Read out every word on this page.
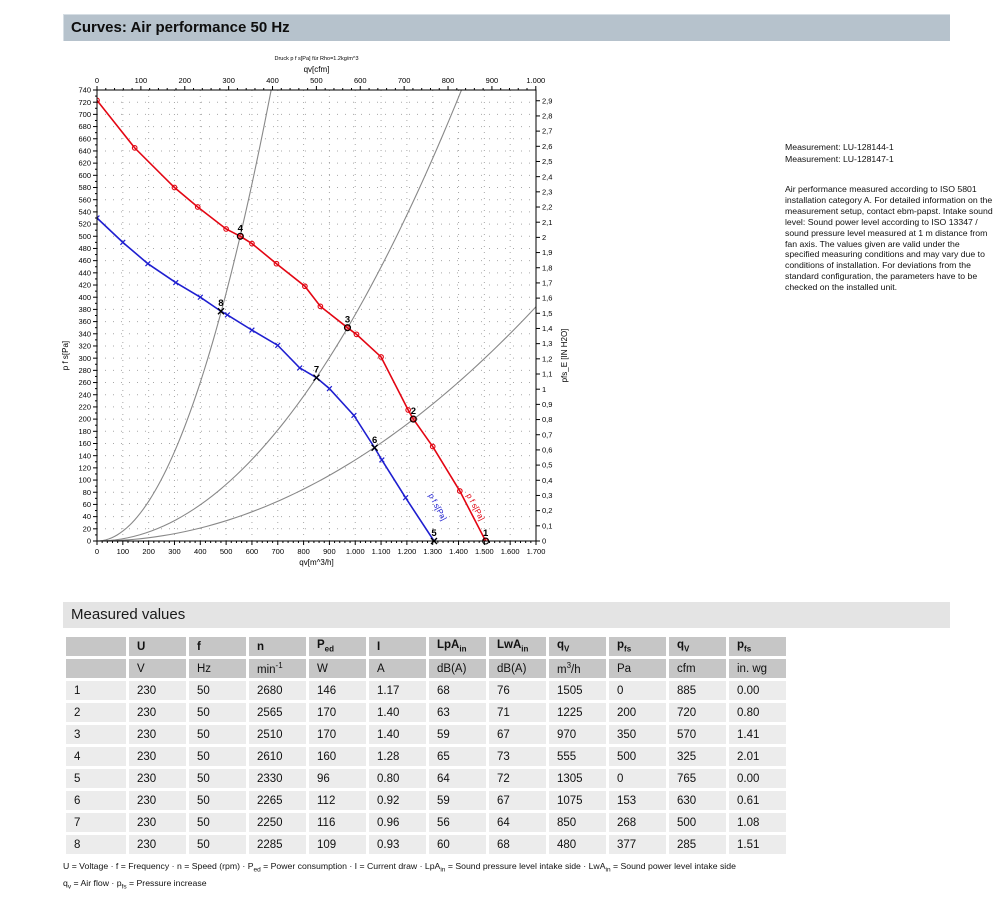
Curves: Air performance 50 Hz
p f s[Pa]
p f s[Pa]
1
2
3
4
5
6
7
8
0 100 200 300 400 500 600 700 800 900 1.000 1.100 1.200 1.300 1.400 1.500 1.600 1.700
qv[m^3/h]
0	100	200	300	400	500	600	700	800	900	1.000
qv[cfm]
Druck p f s[Pa] für Rho=1.2kg/m^3
0
20
40
60
80
100
120
140
160
180
200
220
240
260
280
300
320
340
360
380
400
420
440
460
480
500
520
540
560
580
600
620
640
660
680
700
720
740
p f s[Pa]
0
0,1
0,2
0,3
0,4
0,5
0,6
0,7
0,8
0,9
1
1,1
1,2
1,3
1,4
1,5
1,6
1,7
1,8
1,9
2
2,1
2,2
2,3
2,4
2,5
2,6
2,7
2,8
2,9
pfs_E [IN H2O]
Measurement: LU-128144-1
Measurement: LU-128147-1
Air performance measured according to ISO 5801 installation category A. For detailed information on the measurement setup, contact ebm-papst. Intake sound level: Sound power level according to ISO 13347 / sound pressure level measured at 1 m distance from fan axis. The values given are valid under the specified measuring conditions and may vary due to conditions of installation. For deviations from the standard configuration, the parameters have to be checked on the installed unit.
Measured values
	U	f	n	$P_{ed}$	I	LpA$_{in}$	LwA$_{in}$	$q_V$	$p_{fs}$	$q_V$	$p_{fs}$
	V	Hz	$\min^{-1}$	W	A	dB(A)	dB(A)	$m^3/h$	Pa	cfm	in. wg
1	230	50	2680	146	1.17	68	76	1505	0	885	0.00
2	230	50	2565	170	1.40	63	71	1225	200	720	0.80
3	230	50	2510	170	1.40	59	67	970	350	570	1.41
4	230	50	2610	160	1.28	65	73	555	500	325	2.01
5	230	50	2330	96	0.80	64	72	1305	0	765	0.00
6	230	50	2265	112	0.92	59	67	1075	153	630	0.61
7	230	50	2250	116	0.96	56	64	850	268	500	1.08
8	230	50	2285	109	0.93	60	68	480	377	285	1.51
U = Voltage · f = Frequency · n = Speed $(rpm) \cdot P_{ed}$ = Power consumption · I = Current draw · LpA$_{in}$ = Sound pressure level intake side · LwA$_{in}$ = Sound power level intake side
$q_v$ = Air flow · $p_{fs}$ = Pressure increase
